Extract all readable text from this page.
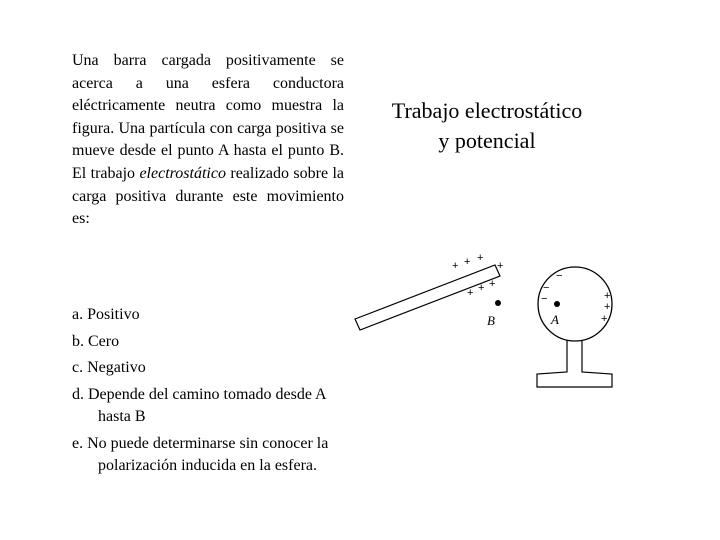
Una barra cargada positivamente se acerca a una esfera conductora eléctricamente neutra como muestra la figura. Una partícula con carga positiva se mueve desde el punto A hasta el punto B. El trabajo electrostático realizado sobre la carga positiva durante este movimiento es:
a. Positivo
b. Cero
c. Negativo
d. Depende del camino tomado desde A hasta B
e. No puede determinarse sin conocer la polarización inducida en la esfera.
Trabajo electrostático
y potencial
+ + +
+
+ + +
B
−
−
−	+
+
+
A
